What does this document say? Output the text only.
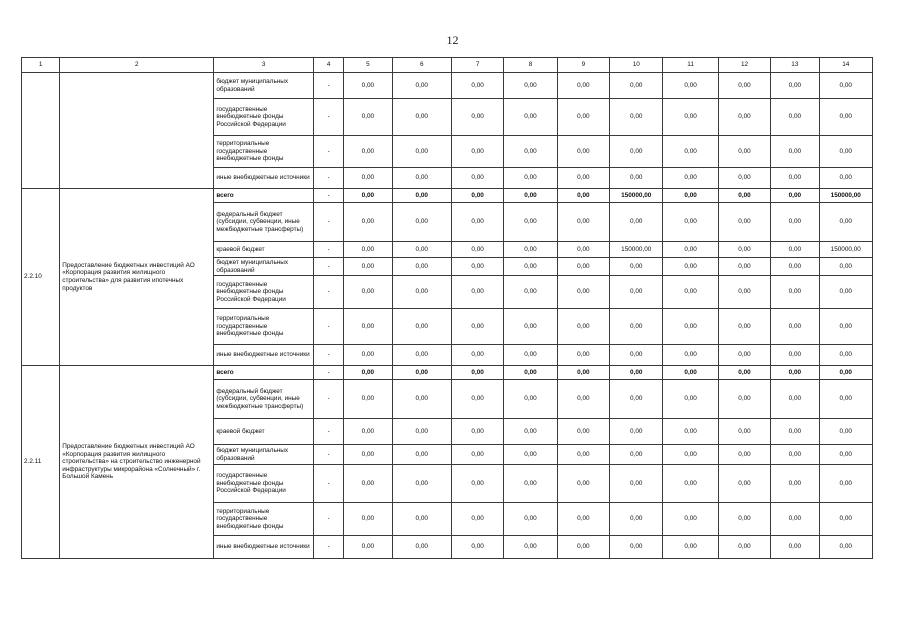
12
1	2	3	4	5	6	7	8	9	10	11	12	13	14
		бюджет муниципальных образований	-	0,00	0,00	0,00	0,00	0,00	0,00	0,00	0,00	0,00	0,00
		государственные внебюджетные фонды Российской Федерации	-	0,00	0,00	0,00	0,00	0,00	0,00	0,00	0,00	0,00	0,00
		территориальные государственные внебюджетные фонды	-	0,00	0,00	0,00	0,00	0,00	0,00	0,00	0,00	0,00	0,00
		иные внебюджетные источники	-	0,00	0,00	0,00	0,00	0,00	0,00	0,00	0,00	0,00	0,00
2.2.10	Предоставление бюджетных инвестиций АО «Корпорация развития жилищного строительства» для развития ипотечных продуктов	всего	-	0,00	0,00	0,00	0,00	0,00	150000,00	0,00	0,00	0,00	150000,00
		федеральный бюджет (субсидии, субвенции, иные межбюджетные трансферты)	-	0,00	0,00	0,00	0,00	0,00	0,00	0,00	0,00	0,00	0,00
		краевой бюджет	-	0,00	0,00	0,00	0,00	0,00	150000,00	0,00	0,00	0,00	150000,00
		бюджет муниципальных образований	-	0,00	0,00	0,00	0,00	0,00	0,00	0,00	0,00	0,00	0,00
		государственные внебюджетные фонды Российской Федерации	-	0,00	0,00	0,00	0,00	0,00	0,00	0,00	0,00	0,00	0,00
		территориальные государственные внебюджетные фонды	-	0,00	0,00	0,00	0,00	0,00	0,00	0,00	0,00	0,00	0,00
		иные внебюджетные источники	-	0,00	0,00	0,00	0,00	0,00	0,00	0,00	0,00	0,00	0,00
2.2.11	Предоставление бюджетных инвестиций АО «Корпорация развития жилищного строительства» на строительство инженерной инфраструктуры микрорайона «Солнечный» г. Большой Камень	всего	-	0,00	0,00	0,00	0,00	0,00	0,00	0,00	0,00	0,00	0,00
		федеральный бюджет (субсидии, субвенции, иные межбюджетные трансферты)	-	0,00	0,00	0,00	0,00	0,00	0,00	0,00	0,00	0,00	0,00
		краевой бюджет	-	0,00	0,00	0,00	0,00	0,00	0,00	0,00	0,00	0,00	0,00
		бюджет муниципальных образований	-	0,00	0,00	0,00	0,00	0,00	0,00	0,00	0,00	0,00	0,00
		государственные внебюджетные фонды Российской Федерации	-	0,00	0,00	0,00	0,00	0,00	0,00	0,00	0,00	0,00	0,00
		территориальные государственные внебюджетные фонды	-	0,00	0,00	0,00	0,00	0,00	0,00	0,00	0,00	0,00	0,00
		иные внебюджетные источники	-	0,00	0,00	0,00	0,00	0,00	0,00	0,00	0,00	0,00	0,00
